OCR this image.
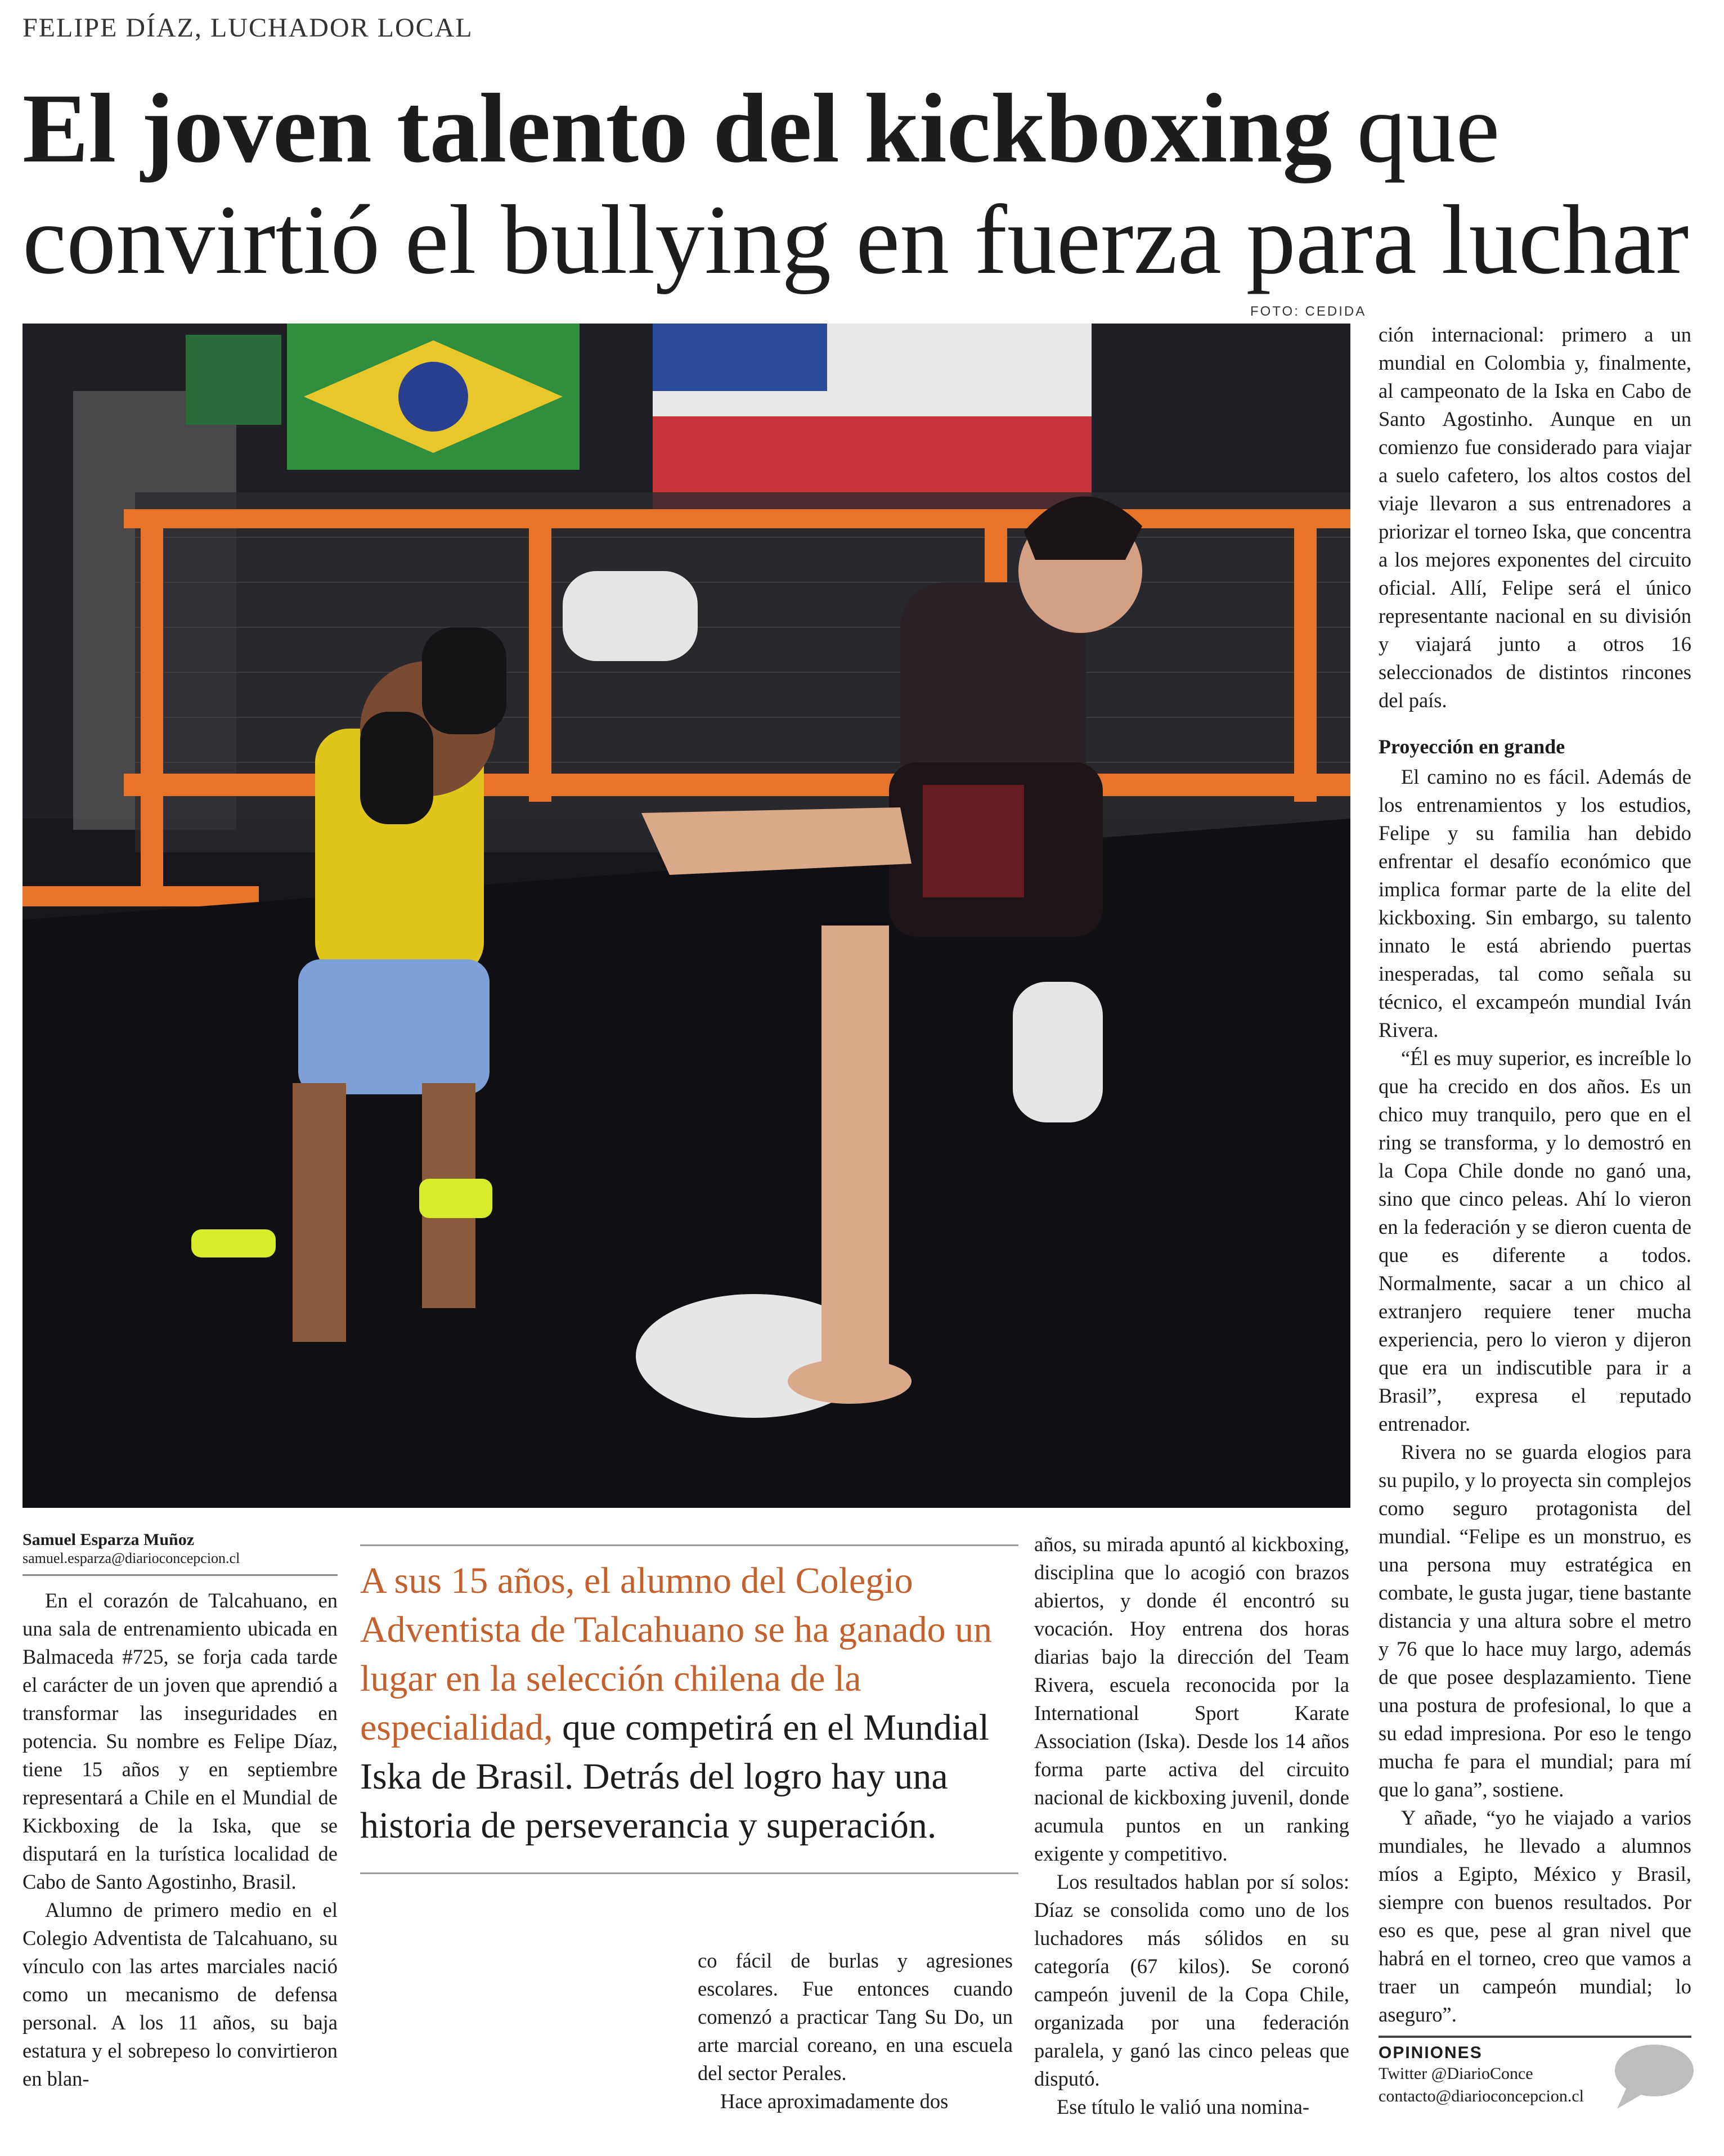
FELIPE DÍAZ, LUCHADOR LOCAL
El joven talento del kickboxing que convirtió el bullying en fuerza para luchar
FOTO: CEDIDA
Samuel Esparza Muñoz
samuel.esparza@diarioconcepcion.cl

En el corazón de Talcahuano, en una sala de entrenamiento ubicada en Balmaceda #725, se forja cada tarde el carácter de un joven que aprendió a transformar las inseguridades en potencia. Su nombre es Felipe Díaz, tiene 15 años y en septiembre representará a Chile en el Mundial de Kickboxing de la Iska, que se disputará en la turística localidad de Cabo de Santo Agostinho, Brasil.

Alumno de primero medio en el Colegio Adventista de Talcahuano, su vínculo con las artes marciales nació como un mecanismo de defensa personal. A los 11 años, su baja estatura y el sobrepeso lo convirtieron en blan-

A sus 15 años, el alumno del Colegio Adventista de Talcahuano se ha ganado un lugar en la selección chilena de la especialidad, que competirá en el Mundial Iska de Brasil. Detrás del logro hay una historia de perseverancia y superación.

co fácil de burlas y agresiones escolares. Fue entonces cuando comenzó a practicar Tang Su Do, un arte marcial coreano, en una escuela del sector Perales.

Hace aproximadamente dos

años, su mirada apuntó al kickboxing, disciplina que lo acogió con brazos abiertos, y donde él encontró su vocación. Hoy entrena dos horas diarias bajo la dirección del Team Rivera, escuela reconocida por la International Sport Karate Association (Iska). Desde los 14 años forma parte activa del circuito nacional de kickboxing juvenil, donde acumula puntos en un ranking exigente y competitivo.

Los resultados hablan por sí solos: Díaz se consolida como uno de los luchadores más sólidos en su categoría (67 kilos). Se coronó campeón juvenil de la Copa Chile, organizada por una federación paralela, y ganó las cinco peleas que disputó.

Ese título le valió una nomina-

ción internacional: primero a un mundial en Colombia y, finalmente, al campeonato de la Iska en Cabo de Santo Agostinho. Aunque en un comienzo fue considerado para viajar a suelo cafetero, los altos costos del viaje llevaron a sus entrenadores a priorizar el torneo Iska, que concentra a los mejores exponentes del circuito oficial. Allí, Felipe será el único representante nacional en su división y viajará junto a otros 16 seleccionados de distintos rincones del país.

Proyección en grande

El camino no es fácil. Además de los entrenamientos y los estudios, Felipe y su familia han debido enfrentar el desafío económico que implica formar parte de la elite del kickboxing. Sin embargo, su talento innato le está abriendo puertas inesperadas, tal como señala su técnico, el excampeón mundial Iván Rivera.

“Él es muy superior, es increíble lo que ha crecido en dos años. Es un chico muy tranquilo, pero que en el ring se transforma, y lo demostró en la Copa Chile donde no ganó una, sino que cinco peleas. Ahí lo vieron en la federación y se dieron cuenta de que es diferente a todos. Normalmente, sacar a un chico al extranjero requiere tener mucha experiencia, pero lo vieron y dijeron que era un indiscutible para ir a Brasil”, expresa el reputado entrenador.

Rivera no se guarda elogios para su pupilo, y lo proyecta sin complejos como seguro protagonista del mundial. “Felipe es un monstruo, es una persona muy estratégica en combate, le gusta jugar, tiene bastante distancia y una altura sobre el metro y 76 que lo hace muy largo, además de que posee desplazamiento. Tiene una postura de profesional, lo que a su edad impresiona. Por eso le tengo mucha fe para el mundial; para mí que lo gana”, sostiene.

Y añade, “yo he viajado a varios mundiales, he llevado a alumnos míos a Egipto, México y Brasil, siempre con buenos resultados. Por eso es que, pese al gran nivel que habrá en el torneo, creo que vamos a traer un campeón mundial; lo aseguro”.

OPINIONES
Twitter @DiarioConce
contacto@diarioconcepcion.cl
